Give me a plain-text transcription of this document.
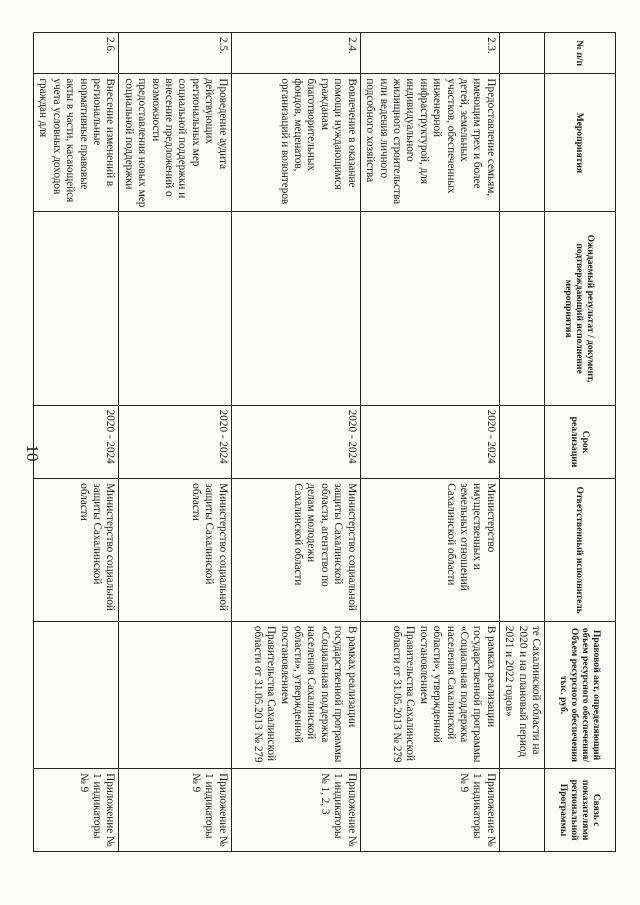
10
№ п/п	Мероприятия	Ожидаемый результат / документ, подтверждающий исполнение мероприятия	Срок реализации	Ответственный исполнитель	Правовой акт, определяющий объем ресурсного обеспечения/Объем ресурсного обеспечения тыс. руб.	Связь с показателями региональной Программы
					те Сахалинской области на 2020 и на плановый период 2021 и 2022 годов»	
2.3.	Предоставление семьям, имеющим трех и более детей, земельных участков, обеспеченных инженерной инфраструктурой, для индивидуального жилищного строительства или ведения личного подсобного хозяйства		2020 - 2024	Министерство имущественных и земельных отношений Сахалинской области	В рамках реализации государственной программы «Социальная поддержка населения Сахалинской области», утвержденной постановлением Правительства Сахалинской области от 31.05.2013 № 279	Приложение № 1 индикаторы № 9
2.4.	Вовлечение в оказание помощи нуждающимся гражданам благотворительных фондов, меценатов, организаций и волонтеров		2020 - 2024	Министерство социальной защиты Сахалинской области, агентство по делам молодежи Сахалинской области	В рамках реализации государственной программы «Социальная поддержка населения Сахалинской области», утвержденной постановлением Правительства Сахалинской области от 31.05.2013 № 279	Приложение № 1 индикаторы № 1, 2, 3
2.5.	Проведение аудита действующих региональных мер социальной поддержки и внесение предложений о возможности предоставления новых мер социальной поддержки		2020 - 2024	Министерство социальной защиты Сахалинской области		Приложение № 1 индикаторы № 9
2.6.	Внесение изменений в региональные нормативные правовые акты в части, касающейся учета условных доходов граждан для		2020 - 2024	Министерство социальной защиты Сахалинской области		Приложение № 1 индикаторы № 9
